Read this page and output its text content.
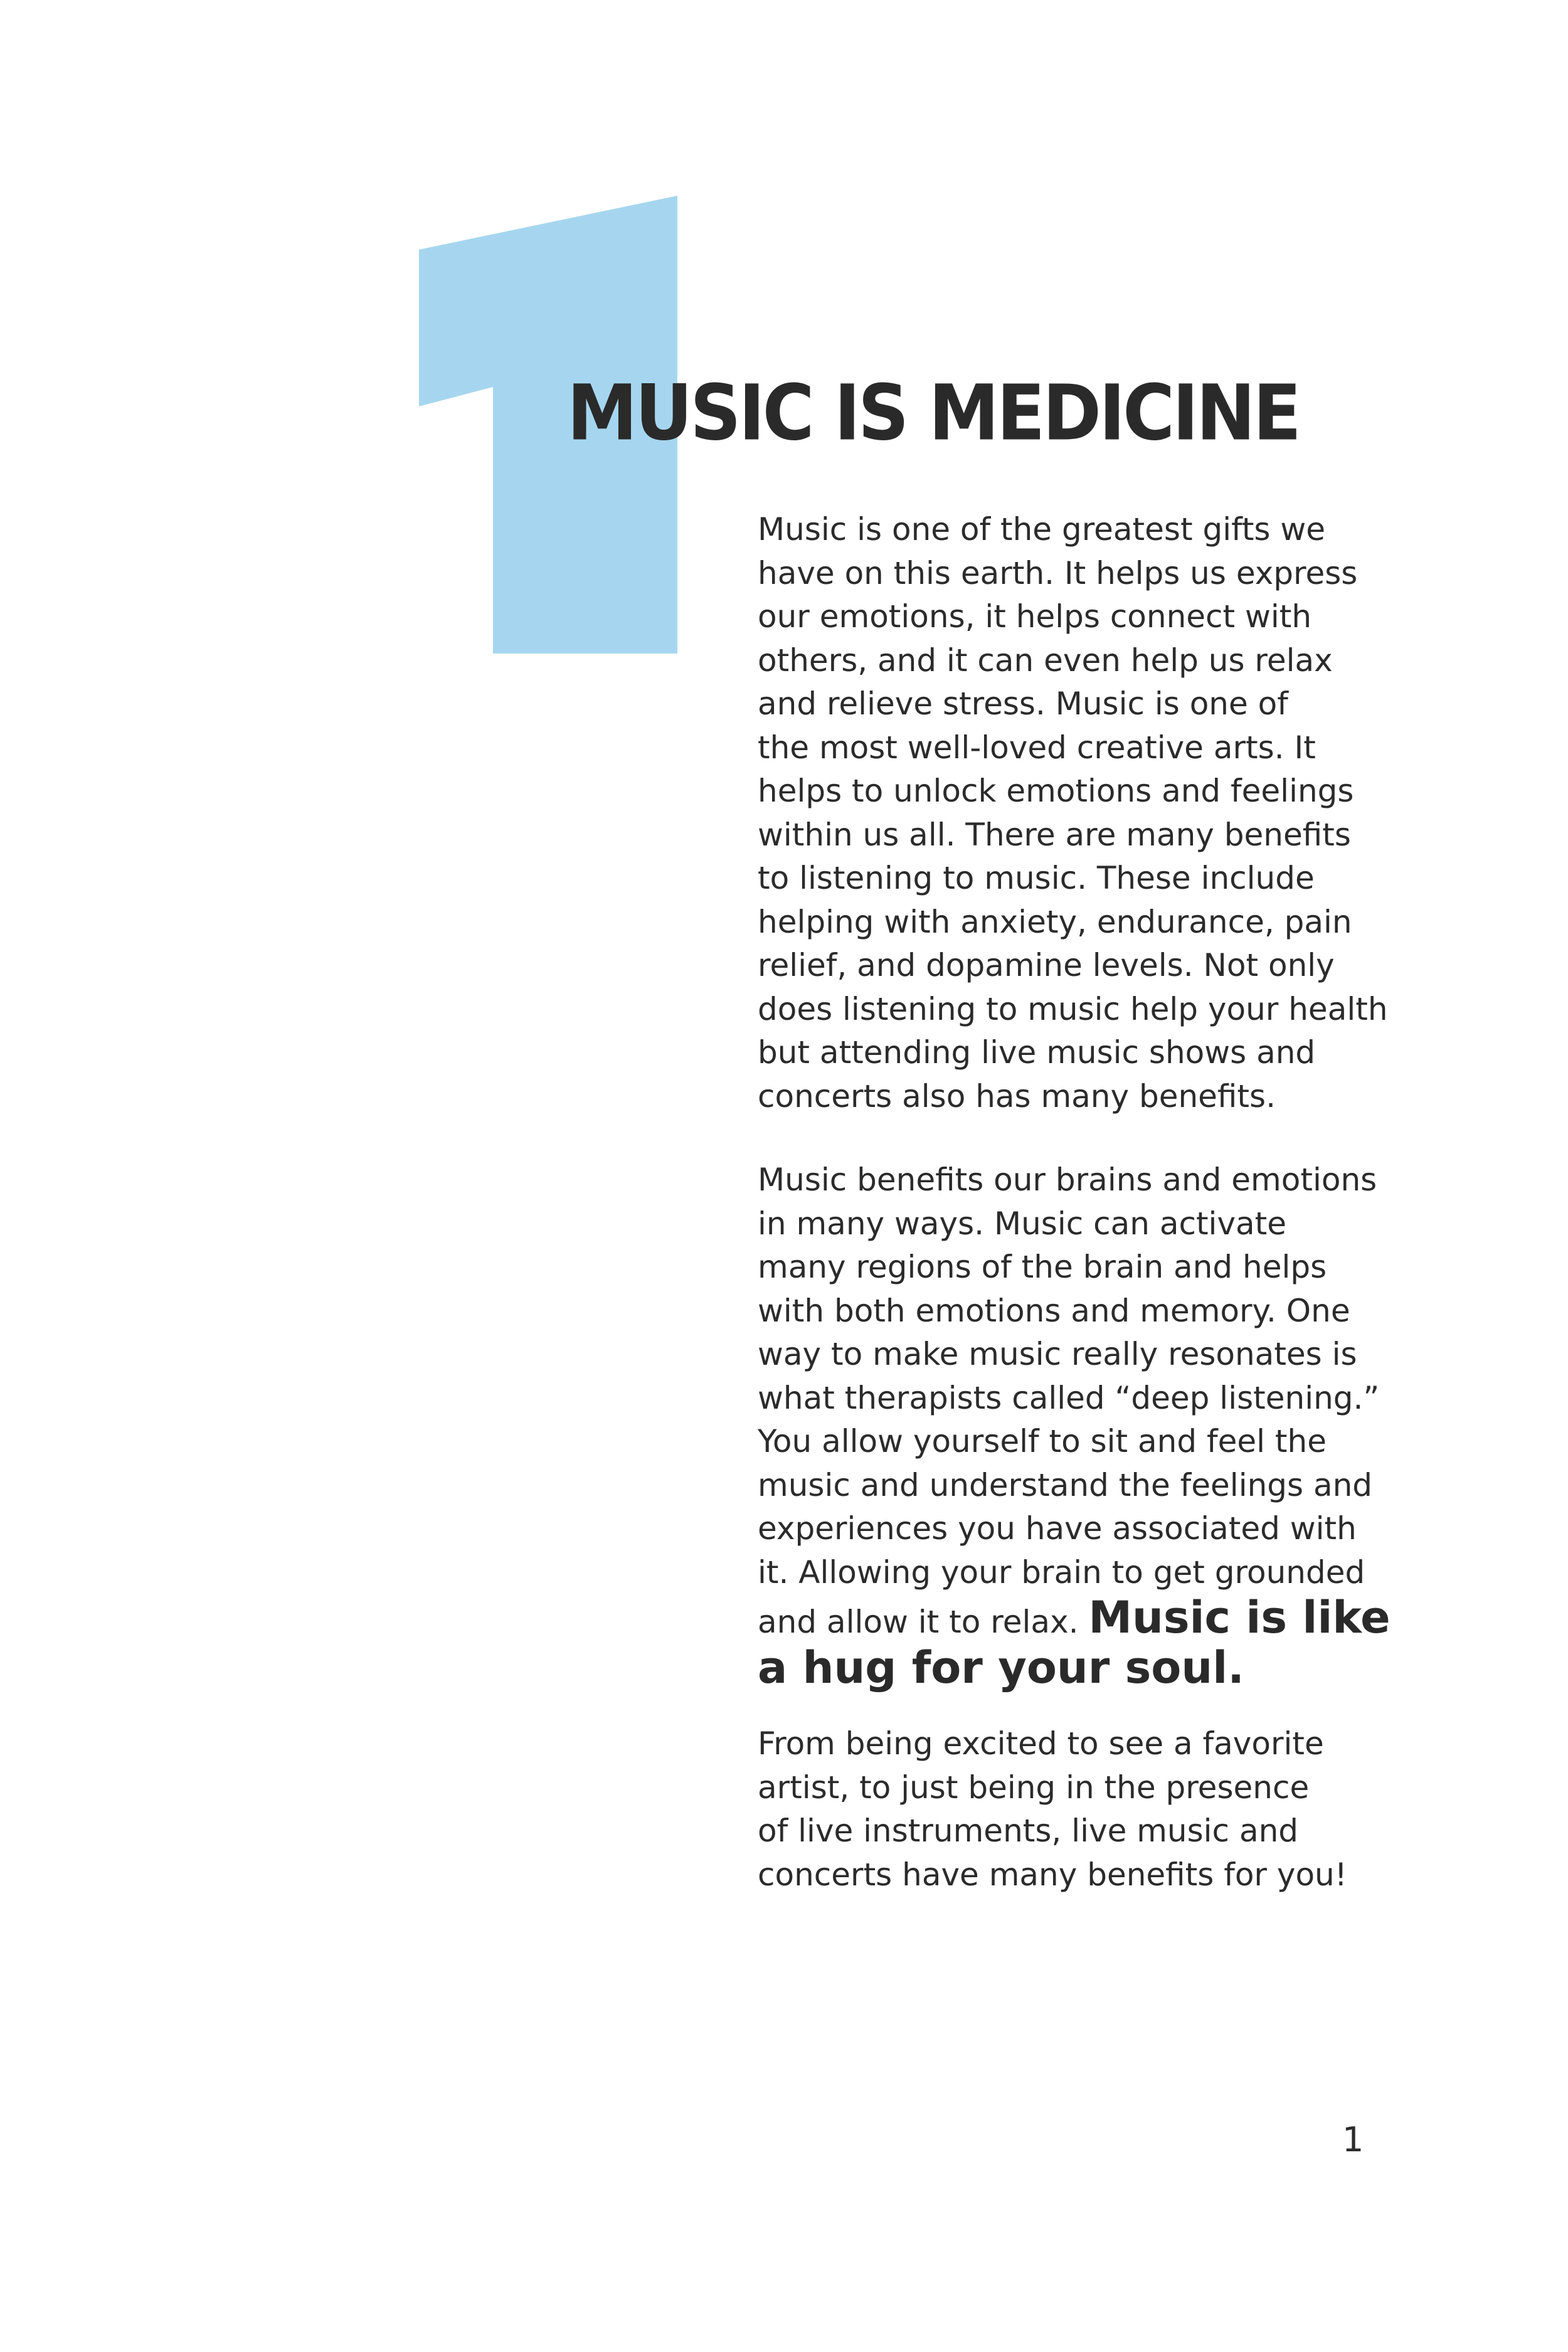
MUSIC IS MEDICINE
Music is one of the greatest gifts we
have on this earth. It helps us express
our emotions, it helps connect with
others, and it can even help us relax
and relieve stress. Music is one of
the most well-loved creative arts. It
helps to unlock emotions and feelings
within us all. There are many benefits
to listening to music. These include
helping with anxiety, endurance, pain
relief, and dopamine levels. Not only
does listening to music help your health
but attending live music shows and
concerts also has many benefits.
Music benefits our brains and emotions
in many ways. Music can activate
many regions of the brain and helps
with both emotions and memory. One
way to make music really resonates is
what therapists called “deep listening.”
You allow yourself to sit and feel the
music and understand the feelings and
experiences you have associated with
it. Allowing your brain to get grounded
and allow it to relax. Music is like
a hug for your soul.
From being excited to see a favorite
artist, to just being in the presence
of live instruments, live music and
concerts have many benefits for you!
1
